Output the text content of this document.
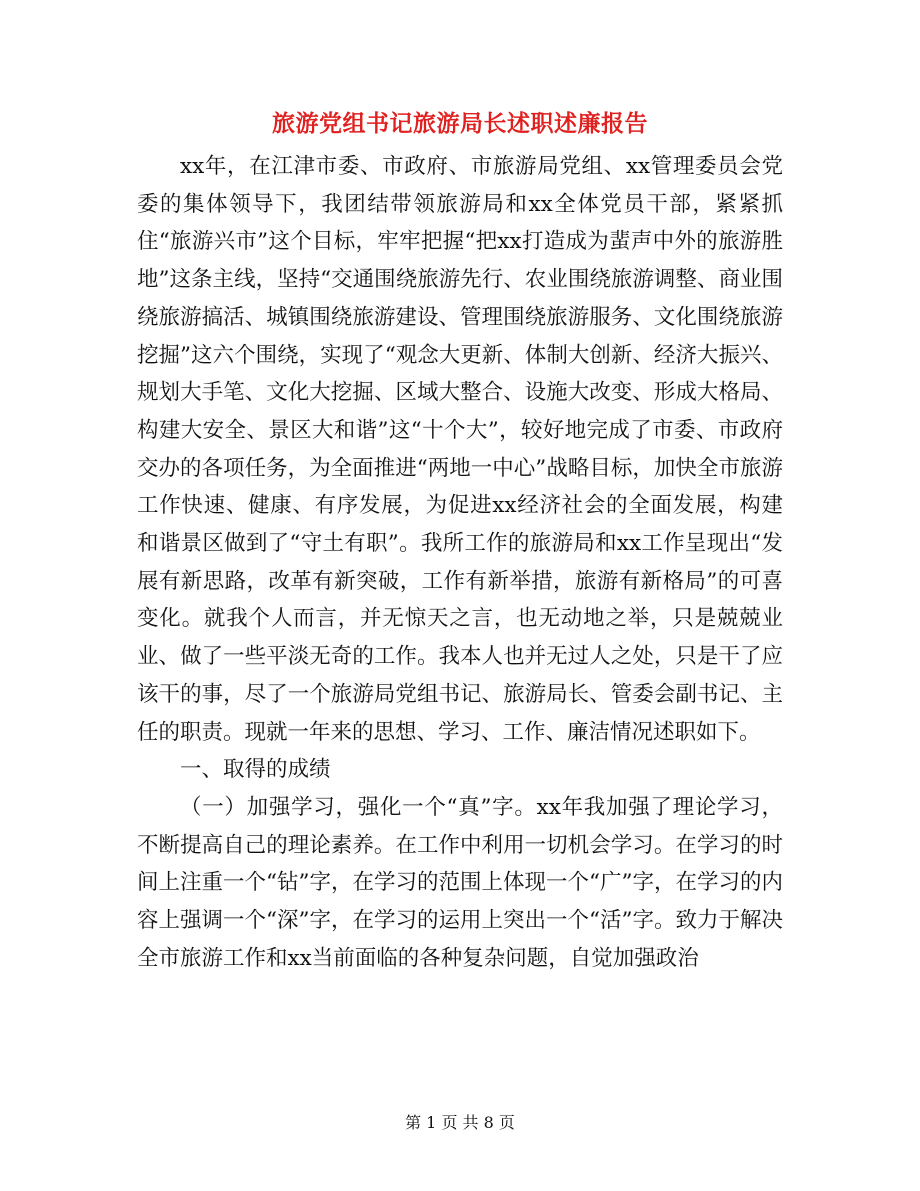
旅游党组书记旅游局长述职述廉报告

xx年，在江津市委、市政府、市旅游局党组、xx管理委员会党委的集体领导下，我团结带领旅游局和xx全体党员干部，紧紧抓住“旅游兴市”这个目标，牢牢把握“把xx打造成为蜚声中外的旅游胜地”这条主线，坚持“交通围绕旅游先行、农业围绕旅游调整、商业围绕旅游搞活、城镇围绕旅游建设、管理围绕旅游服务、文化围绕旅游挖掘”这六个围绕，实现了“观念大更新、体制大创新、经济大振兴、规划大手笔、文化大挖掘、区域大整合、设施大改变、形成大格局、构建大安全、景区大和谐”这“十个大”，较好地完成了市委、市政府交办的各项任务，为全面推进“两地一中心”战略目标，加快全市旅游工作快速、健康、有序发展，为促进xx经济社会的全面发展，构建和谐景区做到了“守土有职”。我所工作的旅游局和xx工作呈现出“发展有新思路，改革有新突破，工作有新举措，旅游有新格局”的可喜变化。就我个人而言，并无惊天之言，也无动地之举，只是兢兢业业、做了一些平淡无奇的工作。我本人也并无过人之处，只是干了应该干的事，尽了一个旅游局党组书记、旅游局长、管委会副书记、主任的职责。现就一年来的思想、学习、工作、廉洁情况述职如下。

一、取得的成绩

（一）加强学习，强化一个“真”字。xx年我加强了理论学习，不断提高自己的理论素养。在工作中利用一切机会学习。在学习的时间上注重一个“钻”字，在学习的范围上体现一个“广”字，在学习的内容上强调一个“深”字，在学习的运用上突出一个“活”字。致力于解决全市旅游工作和xx当前面临的各种复杂问题，自觉加强政治

第 1 页 共 8 页
